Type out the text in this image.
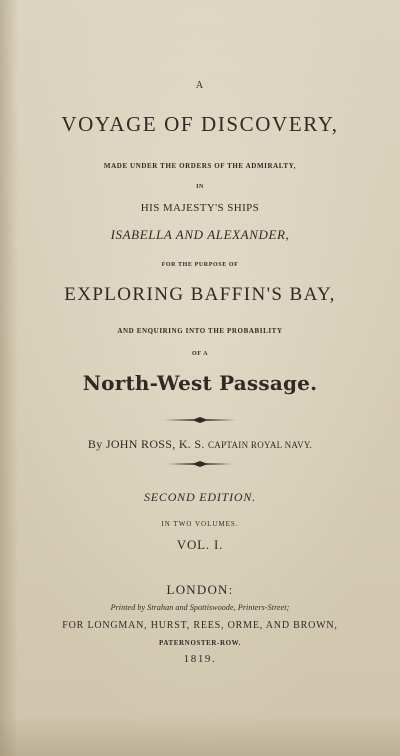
A
VOYAGE OF DISCOVERY,
MADE UNDER THE ORDERS OF THE ADMIRALTY,
IN
HIS MAJESTY'S SHIPS
ISABELLA AND ALEXANDER,
FOR THE PURPOSE OF
EXPLORING BAFFIN'S BAY,
AND ENQUIRING INTO THE PROBABILITY
OF A
North-West Passage.
By JOHN ROSS, K. S. CAPTAIN ROYAL NAVY.
SECOND EDITION.
IN TWO VOLUMES.
VOL. I.
LONDON:
Printed by Strahan and Spottiswoode, Printers-Street;
FOR LONGMAN, HURST, REES, ORME, AND BROWN,
PATERNOSTER-ROW.
1819.
